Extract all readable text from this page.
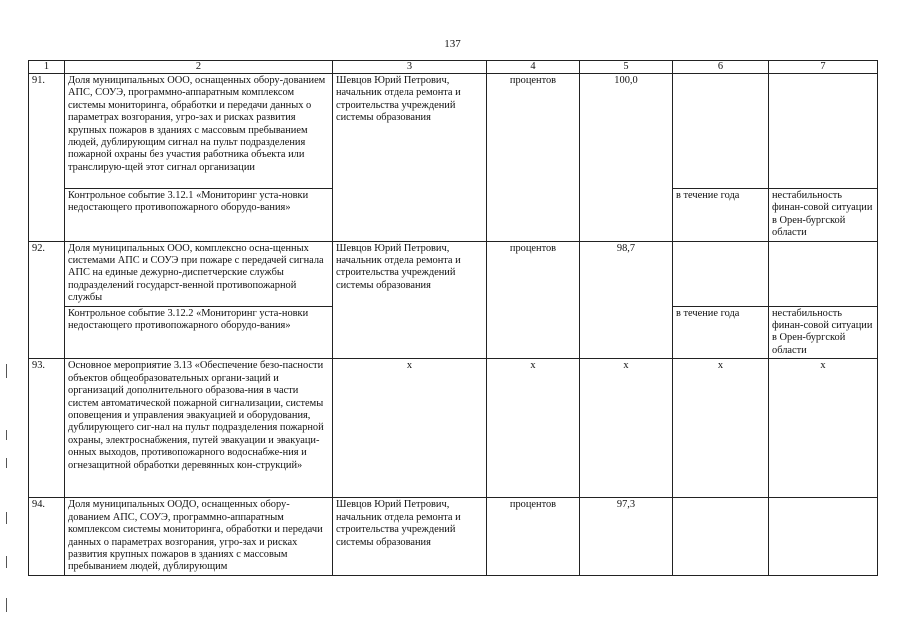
137
1	2	3	4	5	6	7
91.	Доля муниципальных ООО, оснащенных обору-дованием АПС, СОУЭ, программно-аппаратным комплексом системы мониторинга, обработки и передачи данных о параметрах возгорания, угро-зах и рисках развития крупных пожаров в зданиях с массовым пребыванием людей, дублирующим сигнал на пульт подразделения пожарной охраны без участия работника объекта или транслирую-щей этот сигнал организации	Шевцов Юрий Петрович, начальник отдела ремонта и строительства учреждений системы образования	процентов	100,0		
	Контрольное событие 3.12.1 «Мониторинг уста-новки недостающего противопожарного оборудо-вания»				в течение года	нестабильность финан-совой ситуации в Орен-бургской области
92.	Доля муниципальных ООО, комплексно осна-щенных системами АПС и СОУЭ при пожаре с передачей сигнала АПС на единые дежурно-диспетчерские службы подразделений государст-венной противопожарной службы	Шевцов Юрий Петрович, начальник отдела ремонта и строительства учреждений системы образования	процентов	98,7		
	Контрольное событие 3.12.2 «Мониторинг уста-новки недостающего противопожарного оборудо-вания»				в течение года	нестабильность финан-совой ситуации в Орен-бургской области
93.	Основное мероприятие 3.13 «Обеспечение безо-пасности объектов общеобразовательных органи-заций и организаций дополнительного образова-ния в части систем автоматической пожарной сигнализации, системы оповещения и управления эвакуацией и оборудования, дублирующего сиг-нал на пульт подразделения пожарной охраны, электроснабжения, путей эвакуации и эвакуаци-онных выходов, противопожарного водоснабже-ния и огнезащитной обработки деревянных кон-струкций»	х	х	х	х	х
94.	Доля муниципальных ООДО, оснащенных обору-дованием АПС, СОУЭ, программно-аппаратным комплексом системы мониторинга, обработки и передачи данных о параметрах возгорания, угро-зах и рисках развития крупных пожаров в зданиях с массовым пребыванием людей, дублирующим	Шевцов Юрий Петрович, начальник отдела ремонта и строительства учреждений системы образования	процентов	97,3		
